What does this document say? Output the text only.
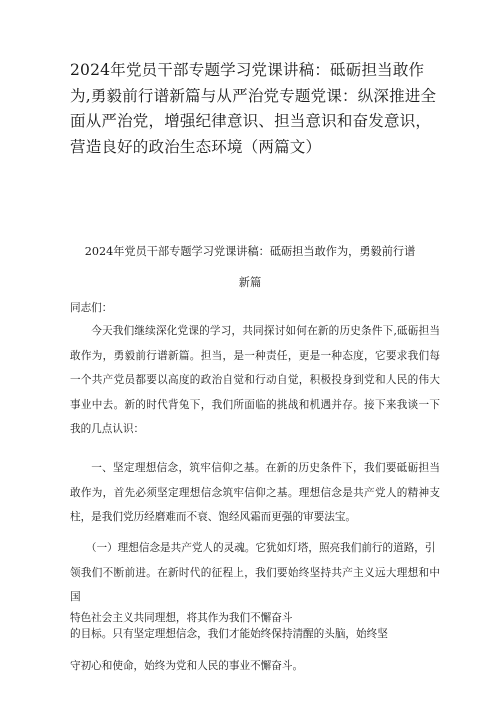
2024年党员干部专题学习党课讲稿：砥砺担当敢作为,勇毅前行谱新篇与从严治党专题党课：纵深推进全面从严治党，增强纪律意识、担当意识和奋发意识，营造良好的政治生态环境（两篇文）

2024年党员干部专题学习党课讲稿：砥砺担当敢作为，勇毅前行谱

新篇

同志们：

今天我们继续深化党课的学习，共同探讨如何在新的历史条件下,砥砺担当敢作为，勇毅前行谱新篇。担当，是一种责任，更是一种态度，它要求我们每一个共产党员都要以高度的政治自觉和行动自觉，积极投身到党和人民的伟大事业中去。新的时代背兔下，我们所面临的挑战和机遇并存。接下来我谈一下我的几点认识：

一、坚定理想信念，筑牢信仰之基。在新的历史条件下，我们要砥砺担当敢作为，首先必须坚定理想信念筑牢信仰之基。理想信念是共产党人的精神支柱，是我们党历经磨难而不衰、饱经风霜而更强的审要法宝。

（一）理想信念是共产党人的灵魂。它犹如灯塔，照亮我们前行的道路，引
领我们不断前进。在新时代的征程上，我们要始终坚持共产主义远大理想和中国
特色社会主义共同理想，将其作为我们不懈奋斗
的目标。只有坚定理想信念，我们才能始终保持清醒的头脑，始终坚
守初心和使命，始终为党和人民的事业不懈奋斗。
